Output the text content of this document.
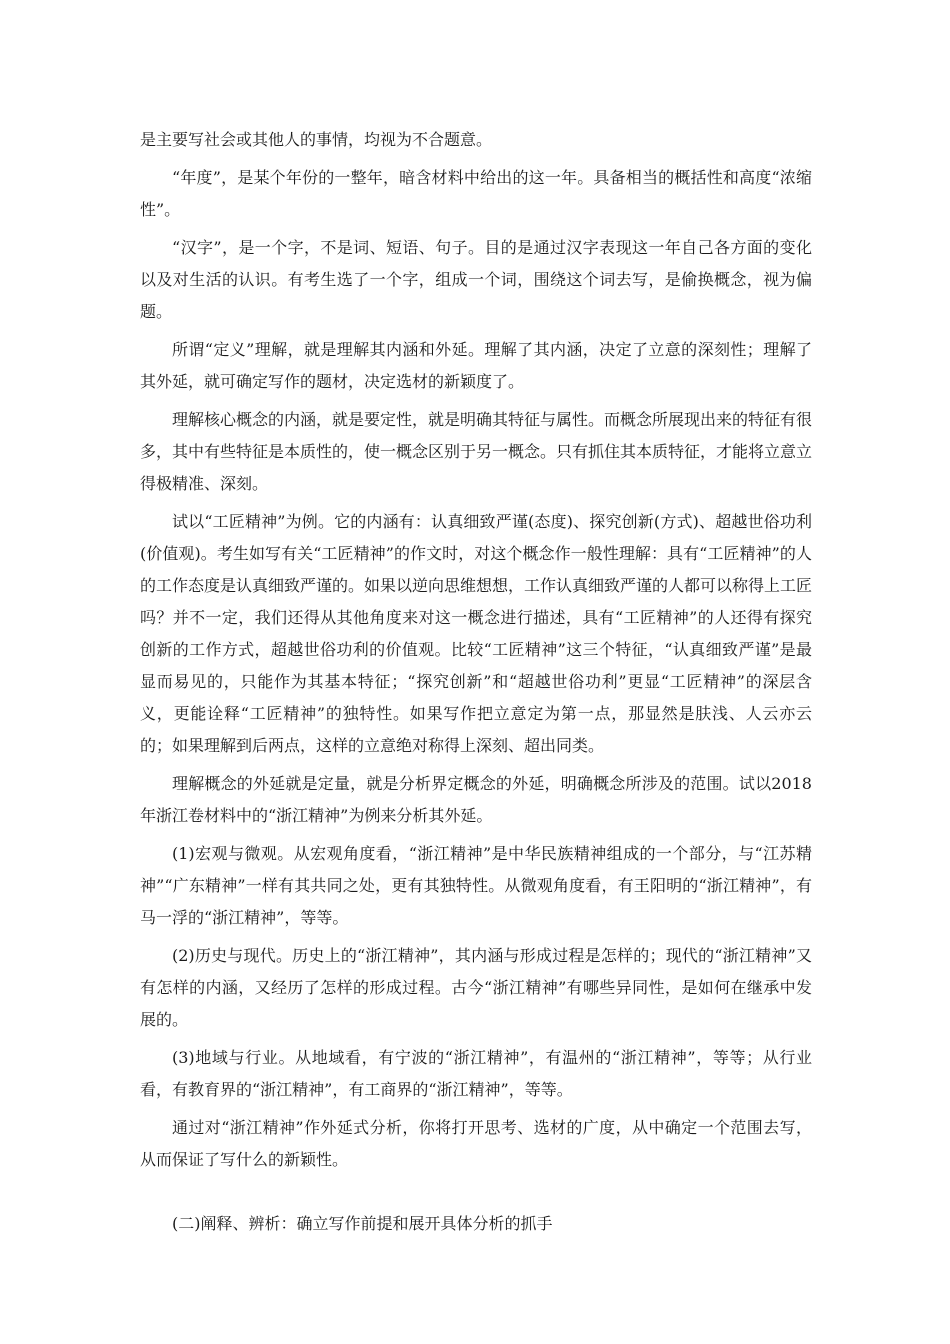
是主要写社会或其他人的事情，均视为不合题意。

“年度”，是某个年份的一整年，暗含材料中给出的这一年。具备相当的概括性和高度“浓缩性”。

“汉字”，是一个字，不是词、短语、句子。目的是通过汉字表现这一年自己各方面的变化以及对生活的认识。有考生选了一个字，组成一个词，围绕这个词去写，是偷换概念，视为偏题。

所谓“定义”理解，就是理解其内涵和外延。理解了其内涵，决定了立意的深刻性；理解了其外延，就可确定写作的题材，决定选材的新颖度了。

理解核心概念的内涵，就是要定性，就是明确其特征与属性。而概念所展现出来的特征有很多，其中有些特征是本质性的，使一概念区别于另一概念。只有抓住其本质特征，才能将立意立得极精准、深刻。

试以“工匠精神”为例。它的内涵有：认真细致严谨(态度)、探究创新(方式)、超越世俗功利(价值观)。考生如写有关“工匠精神”的作文时，对这个概念作一般性理解：具有“工匠精神”的人的工作态度是认真细致严谨的。如果以逆向思维想想，工作认真细致严谨的人都可以称得上工匠吗？并不一定，我们还得从其他角度来对这一概念进行描述，具有“工匠精神”的人还得有探究创新的工作方式，超越世俗功利的价值观。比较“工匠精神”这三个特征，“认真细致严谨”是最显而易见的，只能作为其基本特征；“探究创新”和“超越世俗功利”更显“工匠精神”的深层含义，更能诠释“工匠精神”的独特性。如果写作把立意定为第一点，那显然是肤浅、人云亦云的；如果理解到后两点，这样的立意绝对称得上深刻、超出同类。

理解概念的外延就是定量，就是分析界定概念的外延，明确概念所涉及的范围。试以2018年浙江卷材料中的“浙江精神”为例来分析其外延。

(1)宏观与微观。从宏观角度看，“浙江精神”是中华民族精神组成的一个部分，与“江苏精神”“广东精神”一样有其共同之处，更有其独特性。从微观角度看，有王阳明的“浙江精神”，有马一浮的“浙江精神”，等等。

(2)历史与现代。历史上的“浙江精神”，其内涵与形成过程是怎样的；现代的“浙江精神”又有怎样的内涵，又经历了怎样的形成过程。古今“浙江精神”有哪些异同性，是如何在继承中发展的。

(3)地域与行业。从地域看，有宁波的“浙江精神”，有温州的“浙江精神”，等等；从行业看，有教育界的“浙江精神”，有工商界的“浙江精神”，等等。

通过对“浙江精神”作外延式分析，你将打开思考、选材的广度，从中确定一个范围去写，从而保证了写什么的新颖性。

(二)阐释、辨析：确立写作前提和展开具体分析的抓手
